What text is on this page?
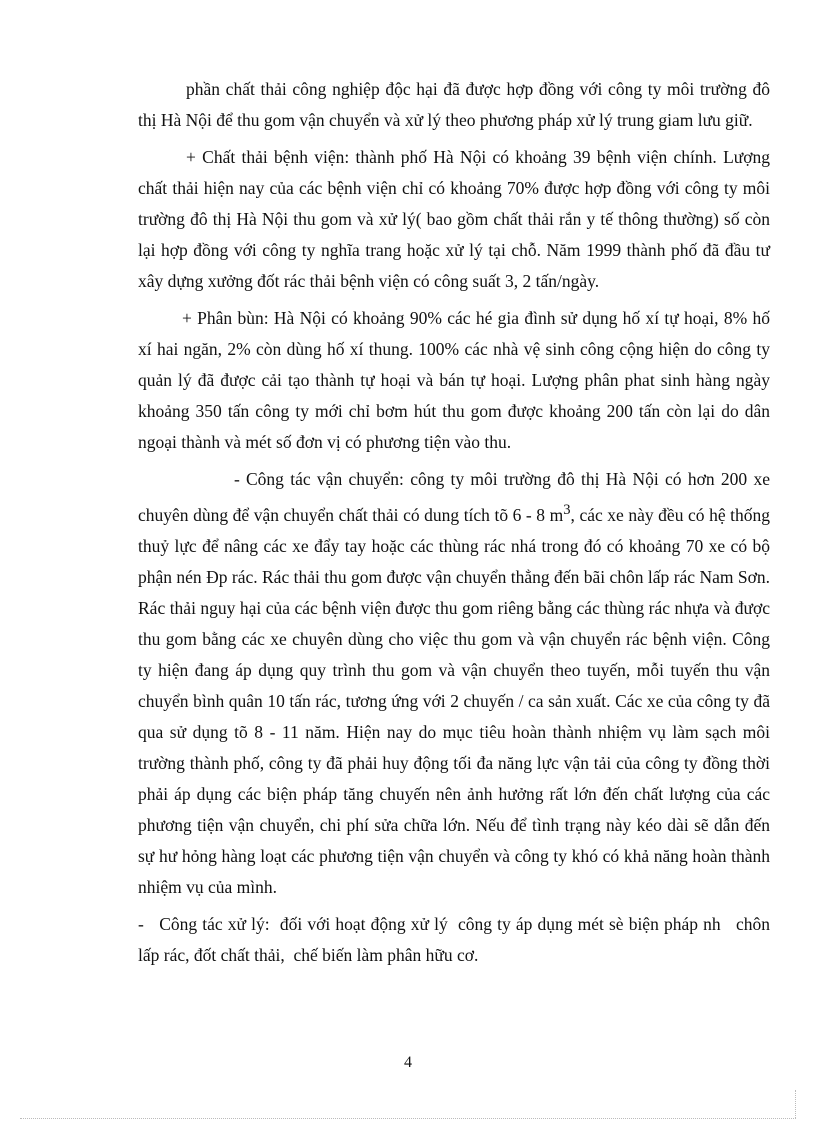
phần chất thải công nghiệp độc hại đã được hợp đồng với công ty môi trường đô thị Hà Nội để thu gom vận chuyển và xử lý theo phương pháp xử lý trung giam lưu giữ.

+ Chất thải bệnh viện: thành phố Hà Nội có khoảng 39 bệnh viện chính. Lượng chất thải hiện nay của các bệnh viện chỉ có khoảng 70% được hợp đồng với công ty môi trường đô thị Hà Nội thu gom và xử lý( bao gồm chất thải rắn y tế thông thường) số còn lại hợp đồng với công ty nghĩa trang hoặc xử lý tại chỗ. Năm 1999 thành phố đã đầu tư xây dựng xưởng đốt rác thải bệnh viện có công suất 3, 2 tấn/ngày.

+ Phân bùn: Hà Nội có khoảng 90% các hé gia đình sử dụng hố xí tự hoại, 8% hố xí hai ngăn, 2% còn dùng hố xí thung. 100% các nhà vệ sinh công cộng hiện do công ty quản lý đã được cải tạo thành tự hoại và bán tự hoại. Lượng phân phat sinh hàng ngày khoảng 350 tấn công ty mới chỉ bơm hút thu gom được khoảng 200 tấn còn lại do dân ngoại thành và mét số đơn vị có phương tiện vào thu.

- Công tác vận chuyển: công ty môi trường đô thị Hà Nội có hơn 200 xe chuyên dùng để vận chuyển chất thải có dung tích tõ 6 - 8 $m^3$, các xe này đều có hệ thống thuỷ lực để nâng các xe đẩy tay hoặc các thùng rác nhá trong đó có khoảng 70 xe có bộ phận nén Đp rác. Rác thải thu gom được vận chuyển thẳng đến bãi chôn lấp rác Nam Sơn. Rác thải nguy hại của các bệnh viện được thu gom riêng bằng các thùng rác nhựa và được thu gom bằng các xe chuyên dùng cho việc thu gom và vận chuyển rác bệnh viện. Công ty hiện đang áp dụng quy trình thu gom và vận chuyển theo tuyến, mỗi tuyến thu vận chuyển bình quân 10 tấn rác, tương ứng với 2 chuyến / ca sản xuất. Các xe của công ty đã qua sử dụng tõ 8 - 11 năm. Hiện nay do mục tiêu hoàn thành nhiệm vụ làm sạch môi trường thành phố, công ty đã phải huy động tối đa năng lực vận tải của công ty đồng thời phải áp dụng các biện pháp tăng chuyến nên ảnh hưởng rất lớn đến chất lượng của các phương tiện vận chuyển, chi phí sửa chữa lớn. Nếu để tình trạng này kéo dài sẽ dẫn đến sự hư hỏng hàng loạt các phương tiện vận chuyển và công ty khó có khả năng hoàn thành nhiệm vụ của mình.

-   Công tác xử lý:  đối với hoạt động xử lý  công ty áp dụng mét sè biện pháp nh   chôn lấp rác, đốt chất thải,  chế biến làm phân hữu cơ.

4
